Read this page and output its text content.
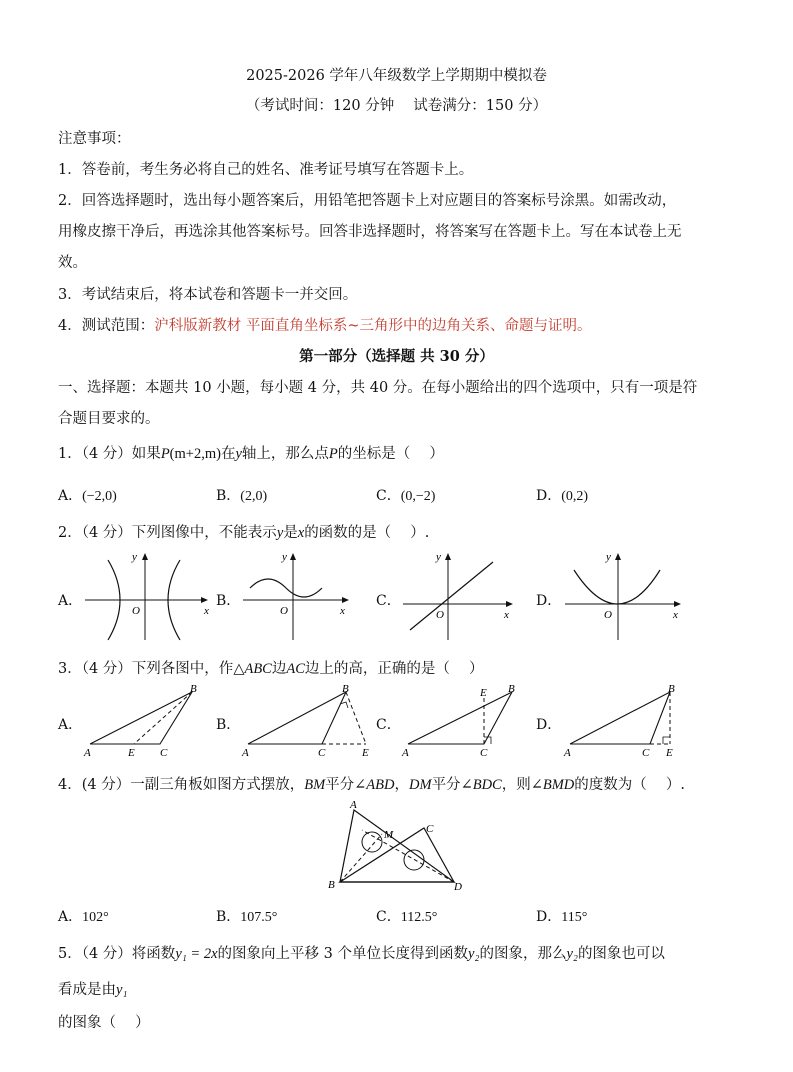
2025-2026 学年八年级数学上学期期中模拟卷
（考试时间：120 分钟　 试卷满分：150 分）
注意事项：
1．答卷前，考生务必将自己的姓名、准考证号填写在答题卡上。
2．回答选择题时，选出每小题答案后，用铅笔把答题卡上对应题目的答案标号涂黑。如需改动，
用橡皮擦干净后，再选涂其他答案标号。回答非选择题时，将答案写在答题卡上。写在本试卷上无
效。
3．考试结束后，将本试卷和答题卡一并交回。
4．测试范围：沪科版新教材 平面直角坐标系~三角形中的边角关系、命题与证明。
第一部分（选择题 共 30 分）
一、选择题：本题共 10 小题，每小题 4 分，共 40 分。在每小题给出的四个选项中，只有一项是符
合题目要求的。
1．（4 分）如果P(m+2,m)在y轴上，那么点P的坐标是（　 ）
A．(−2,0)	B．(2,0)	C．(0,−2)	D．(0,2)
2．（4 分）下列图像中，不能表示y是x的函数的是（　 ）.
A．
y
x
O
B．
y
x
O
C．
y
x
O
D．
y
x
O
3．（4 分）下列各图中，作△ABC边AC边上的高，正确的是（　 ）
A．
A
B
C
E
B．
A
B
C	E
C．
A
B
C
E
D．
A
B
C E
4．(4 分）一副三角板如图方式摆放，BM平分∠ABD，DM平分∠BDC，则∠BMD的度数为（　 ）.
A
B
C
D
M
A．102°	B．107.5°	C．112.5°	D．115°
5．（4 分）将函数y₁ = 2x的图象向上平移 3 个单位长度得到函数y₂的图象，那么y₂的图象也可以
看成是由y₁
的图象（　 ）
